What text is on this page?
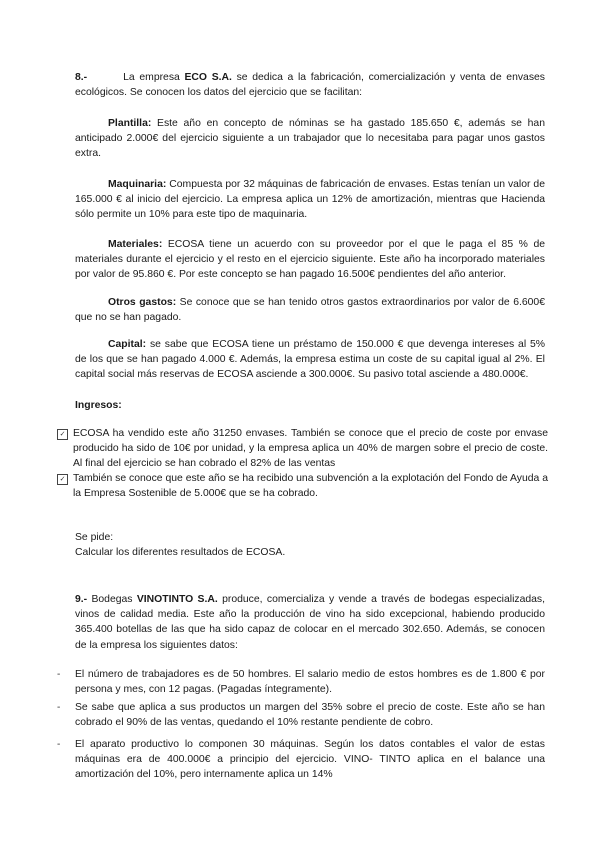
8.-	La empresa ECO S.A. se dedica a la fabricación, comercialización y venta de envases ecológicos. Se conocen los datos del ejercicio que se facilitan:

Plantilla: Este año en concepto de nóminas se ha gastado 185.650 €, además se han anticipado 2.000€ del ejercicio siguiente a un trabajador que lo necesitaba para pagar unos gastos extra.

Maquinaria: Compuesta por 32 máquinas de fabricación de envases. Estas tenían un valor de 165.000 € al inicio del ejercicio. La empresa aplica un 12% de amortización, mientras que Hacienda sólo permite un 10% para este tipo de maquinaria.

Materiales: ECOSA tiene un acuerdo con su proveedor por el que le paga el 85 % de materiales durante el ejercicio y el resto en el ejercicio siguiente. Este año ha incorporado materiales por valor de 95.860 €. Por este concepto se han pagado 16.500€ pendientes del año anterior.

Otros gastos: Se conoce que se han tenido otros gastos extraordinarios por valor de 6.600€ que no se han pagado.

Capital: se sabe que ECOSA tiene un préstamo de 150.000 € que devenga intereses al 5% de los que se han pagado 4.000 €. Además, la empresa estima un coste de su capital igual al 2%. El capital social más reservas de ECOSA asciende a 300.000€. Su pasivo total asciende a 480.000€.

Ingresos:

✓ ECOSA ha vendido este año 31250 envases. También se conoce que el precio de coste por envase producido ha sido de 10€ por unidad, y la empresa aplica un 40% de margen sobre el precio de coste. Al final del ejercicio se han cobrado el 82% de las ventas

✓ También se conoce que este año se ha recibido una subvención a la explotación del Fondo de Ayuda a la Empresa Sostenible de 5.000€ que se ha cobrado.

Se pide:

Calcular los diferentes resultados de ECOSA.

9.- Bodegas VINOTINTO S.A. produce, comercializa y vende a través de bodegas especializadas, vinos de calidad media. Este año la producción de vino ha sido excepcional, habiendo producido 365.400 botellas de las que ha sido capaz de colocar en el mercado 302.650. Además, se conocen de la empresa los siguientes datos:

- El número de trabajadores es de 50 hombres. El salario medio de estos hombres es de 1.800 € por persona y mes, con 12 pagas. (Pagadas íntegramente).

- Se sabe que aplica a sus productos un margen del 35% sobre el precio de coste. Este año se han cobrado el 90% de las ventas, quedando el 10% restante pendiente de cobro.

- El aparato productivo lo componen 30 máquinas. Según los datos contables el valor de estas máquinas era de 400.000€ a principio del ejercicio. VINO- TINTO aplica en el balance una amortización del 10%, pero internamente aplica un 14%
